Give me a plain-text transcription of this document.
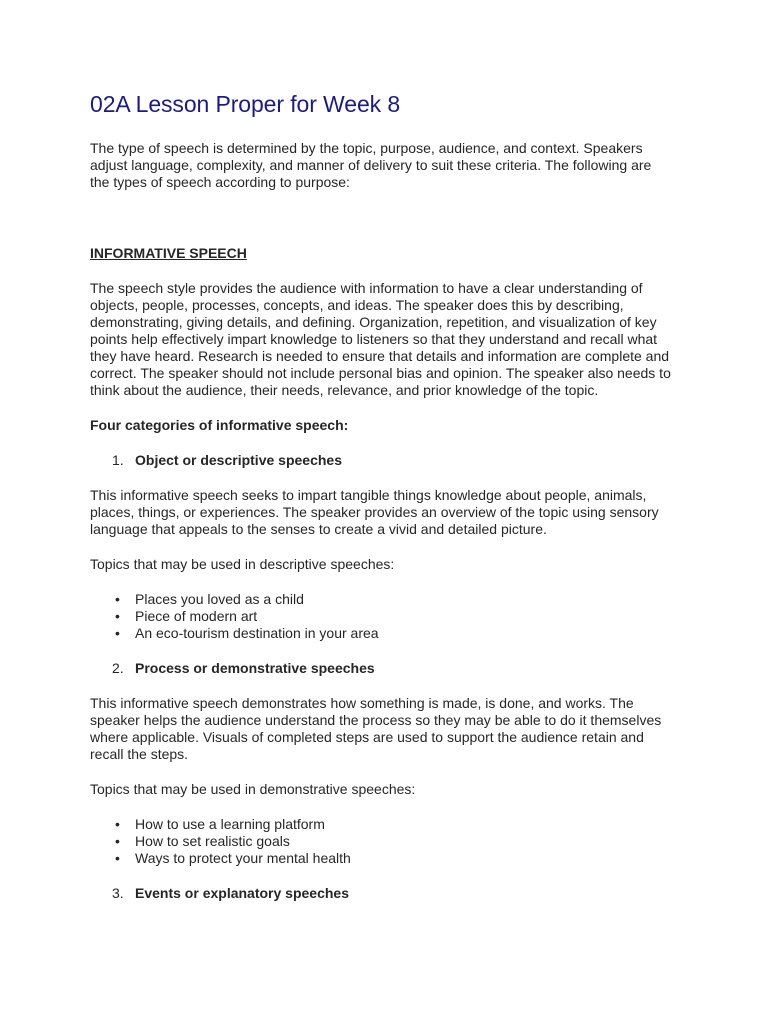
02A Lesson Proper for Week 8

The type of speech is determined by the topic, purpose, audience, and context. Speakers adjust language, complexity, and manner of delivery to suit these criteria. The following are the types of speech according to purpose:

INFORMATIVE SPEECH

The speech style provides the audience with information to have a clear understanding of objects, people, processes, concepts, and ideas. The speaker does this by describing, demonstrating, giving details, and defining. Organization, repetition, and visualization of key points help effectively impart knowledge to listeners so that they understand and recall what they have heard. Research is needed to ensure that details and information are complete and correct. The speaker should not include personal bias and opinion. The speaker also needs to think about the audience, their needs, relevance, and prior knowledge of the topic.

Four categories of informative speech:
1. Object or descriptive speeches

This informative speech seeks to impart tangible things knowledge about people, animals, places, things, or experiences. The speaker provides an overview of the topic using sensory language that appeals to the senses to create a vivid and detailed picture.

Topics that may be used in descriptive speeches:

•	Places you loved as a child
•	Piece of modern art
•	An eco-tourism destination in your area
2. Process or demonstrative speeches

This informative speech demonstrates how something is made, is done, and works. The speaker helps the audience understand the process so they may be able to do it themselves where applicable. Visuals of completed steps are used to support the audience retain and recall the steps.

Topics that may be used in demonstrative speeches:

•	How to use a learning platform
•	How to set realistic goals
•	Ways to protect your mental health
3. Events or explanatory speeches
